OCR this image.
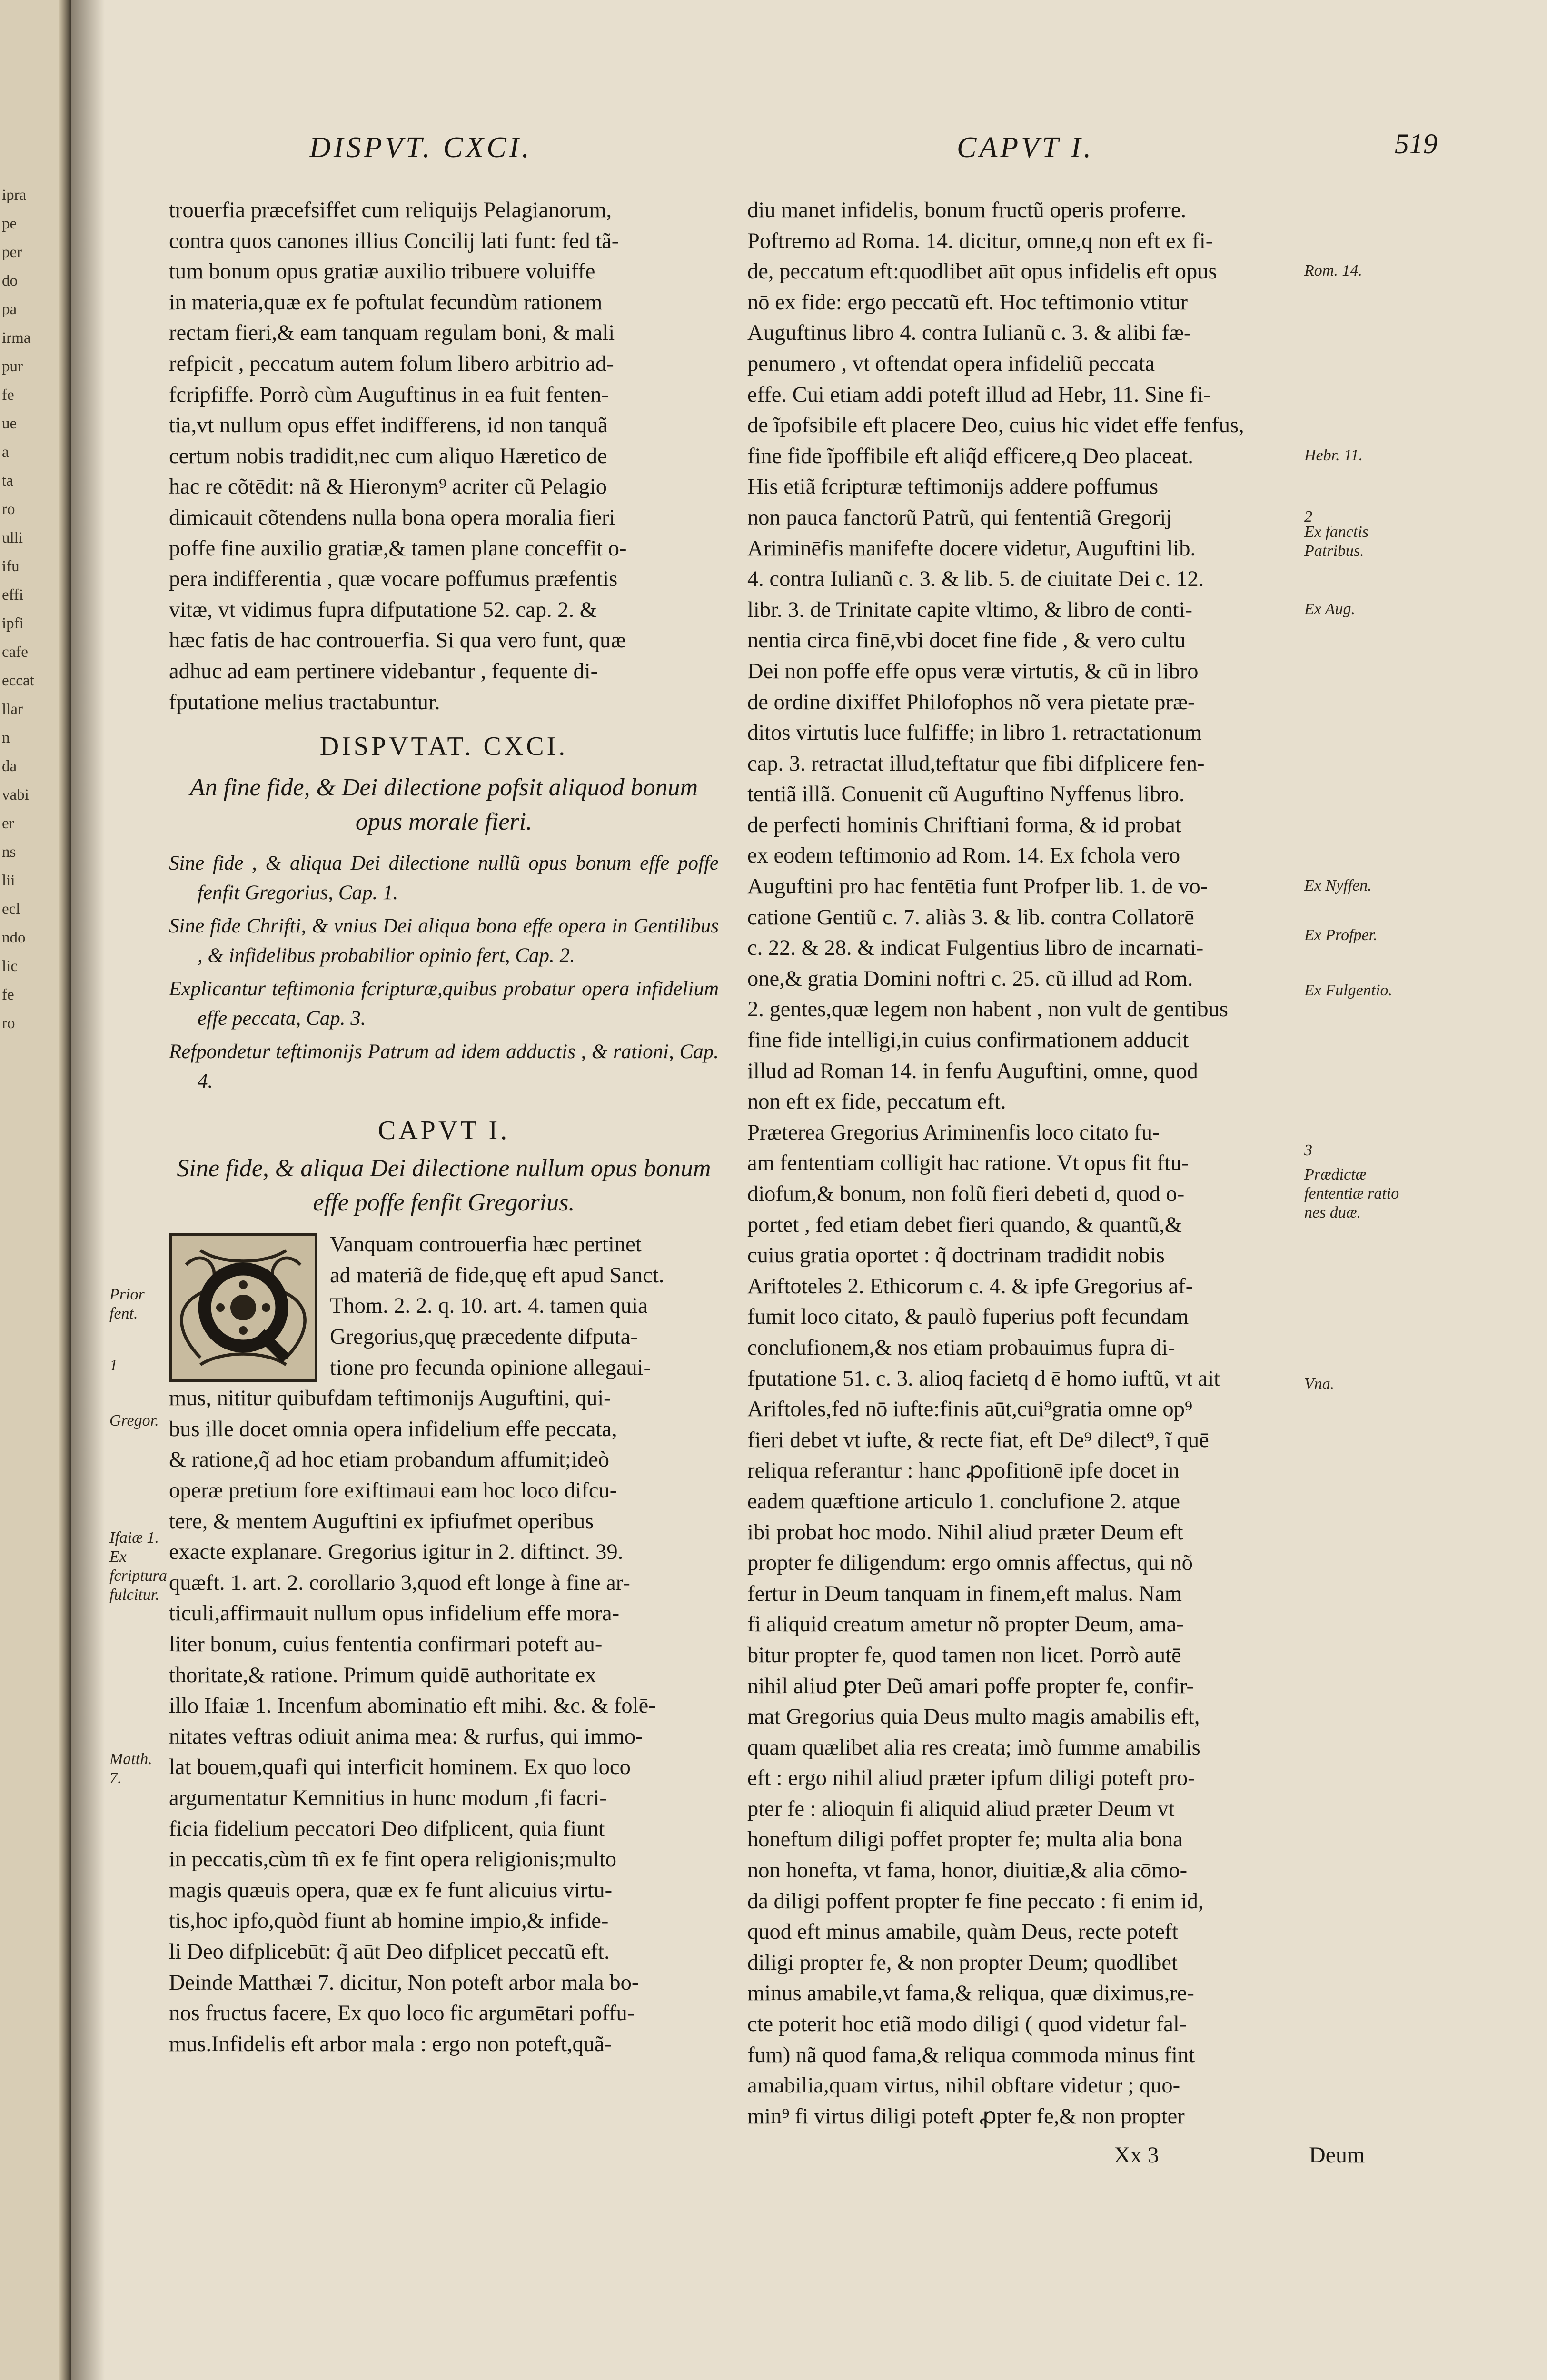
ipra
pe
per
do
pa
irma
pur
fe
ue
a
ta
ro
ulli
ifu
effi
ipfi
cafe
eccat
llar
n
da
vabi
er
ns
lii
ecl
ndo
lic
fe
ro
DISPVT. CXCI.	CAPVT I.	519
trouerfia præcefsiffet cum reliquijs Pelagianorum,
contra quos canones illius Concilij lati funt: fed tã-
tum bonum opus gratiæ auxilio tribuere voluiffe
in materia,quæ ex fe poftulat fecundùm rationem
rectam fieri,& eam tanquam regulam boni, & mali
refpicit , peccatum autem folum libero arbitrio ad-
fcripfiffe. Porrò cùm Auguftinus in ea fuit fenten-
tia,vt nullum opus effet indifferens, id non tanquã
certum nobis tradidit,nec cum aliquo Hæretico de
hac re cõtēdit: nã & Hieronym⁹ acriter cũ Pelagio
dimicauit cõtendens nulla bona opera moralia fieri
poffe fine auxilio gratiæ,& tamen plane conceffit o-
pera indifferentia , quæ vocare poffumus præfentis
vitæ, vt vidimus fupra difputatione 52. cap. 2. &
hæc fatis de hac controuerfia. Si qua vero funt, quæ
adhuc ad eam pertinere videbantur , fequente di-
fputatione melius tractabuntur.
DISPVTAT. CXCI.
An fine fide, & Dei dilectione pofsit aliquod bonum opus morale fieri.
Sine fide , & aliqua Dei dilectione nullũ opus bonum effe poffe fenfit Gregorius, Cap. 1.
Sine fide Chrifti, & vnius Dei aliqua bona effe opera in Gentilibus , & infidelibus probabilior opinio fert, Cap. 2.
Explicantur teftimonia fcripturæ,quibus probatur opera infidelium effe peccata, Cap. 3.
Refpondetur teftimonijs Patrum ad idem adductis , & rationi, Cap. 4.
CAPVT I.
Sine fide, & aliqua Dei dilectione nullum opus bonum effe poffe fenfit Gregorius.
Vanquam controuerfia hæc pertinet
ad materiã de fide,quę eft apud Sanct.
Thom. 2. 2. q. 10. art. 4. tamen quia
Gregorius,quę præcedente difputa-
tione pro fecunda opinione allegaui-
mus, nititur quibufdam teftimonijs Auguftini, qui-
bus ille docet omnia opera infidelium effe peccata,
& ratione,q̃ ad hoc etiam probandum affumit;ideò
operæ pretium fore exiftimaui eam hoc loco difcu-
tere, & mentem Auguftini ex ipfiufmet operibus
exacte explanare. Gregorius igitur in 2. diftinct. 39.
quæft. 1. art. 2. corollario 3,quod eft longe à fine ar-
ticuli,affirmauit nullum opus infidelium effe mora-
liter bonum, cuius fententia confirmari poteft au-
thoritate,& ratione. Primum quidē authoritate ex
illo Ifaiæ 1. Incenfum abominatio eft mihi. &c. & folē-
nitates veftras odiuit anima mea: & rurfus, qui immo-
lat bouem,quafi qui interficit hominem. Ex quo loco
argumentatur Kemnitius in hunc modum ,fi facri-
ficia fidelium peccatori Deo difplicent, quia fiunt
in peccatis,cùm tñ ex fe fint opera religionis;multo
magis quæuis opera, quæ ex fe funt alicuius virtu-
tis,hoc ipfo,quòd fiunt ab homine impio,& infide-
li Deo difplicebūt: q̃ aūt Deo difplicet peccatũ eft.
Deinde Matthæi 7. dicitur, Non poteft arbor mala bo-
nos fructus facere, Ex quo loco fic argumētari poffu-
mus.Infidelis eft arbor mala : ergo non poteft,quã-
diu manet infidelis, bonum fructũ operis proferre.
Poftremo ad Roma. 14. dicitur, omne,q non eft ex fi-
de, peccatum eft:quodlibet aūt opus infidelis eft opus
nō ex fide: ergo peccatũ eft. Hoc teftimonio vtitur
Auguftinus libro 4. contra Iulianũ c. 3. & alibi fæ-
penumero , vt oftendat opera infideliũ peccata
effe. Cui etiam addi poteft illud ad Hebr, 11. Sine fi-
de ĩpofsibile eft placere Deo, cuius hic videt effe fenfus,
fine fide ĩpoffibile eft aliq̃d efficere,q Deo placeat.
His etiã fcripturæ teftimonijs addere poffumus
non pauca fanctorũ Patrũ, qui fententiã Gregorij
Ariminēfis manifefte docere videtur, Auguftini lib.
4. contra Iulianũ c. 3. & lib. 5. de ciuitate Dei c. 12.
libr. 3. de Trinitate capite vltimo, & libro de conti-
nentia circa finē,vbi docet fine fide , & vero cultu
Dei non poffe effe opus veræ virtutis, & cũ in libro
de ordine dixiffet Philofophos nõ vera pietate præ-
ditos virtutis luce fulfiffe; in libro 1. retractationum
cap. 3. retractat illud,teftatur que fibi difplicere fen-
tentiã illã. Conuenit cũ Auguftino Nyffenus libro.
de perfecti hominis Chriftiani forma, & id probat
ex eodem teftimonio ad Rom. 14. Ex fchola vero
Auguftini pro hac fentētia funt Profper lib. 1. de vo-
catione Gentiũ c. 7. aliàs 3. & lib. contra Collatorē
c. 22. & 28. & indicat Fulgentius libro de incarnati-
one,& gratia Domini noftri c. 25. cũ illud ad Rom.
2. gentes,quæ legem non habent , non vult de gentibus
fine fide intelligi,in cuius confirmationem adducit
illud ad Roman 14. in fenfu Auguftini, omne, quod
non eft ex fide, peccatum eft.
Præterea Gregorius Ariminenfis loco citato fu-
am fententiam colligit hac ratione. Vt opus fit ftu-
diofum,& bonum, non folũ fieri debeti d, quod o-
portet , fed etiam debet fieri quando, & quantũ,&
cuius gratia oportet : q̃ doctrinam tradidit nobis
Ariftoteles 2. Ethicorum c. 4. & ipfe Gregorius af-
fumit loco citato, & paulò fuperius poft fecundam
conclufionem,& nos etiam probauimus fupra di-
fputatione 51. c. 3. alioq facietq d ē homo iuftũ, vt ait
Ariftoles,fed nō iufte:finis aūt,cui⁹gratia omne op⁹
fieri debet vt iufte, & recte fiat, eft De⁹ dilect⁹, ĩ quē
reliqua referantur : hanc ꝓpofitionē ipfe docet in
eadem quæftione articulo 1. conclufione 2. atque
ibi probat hoc modo. Nihil aliud præter Deum eft
propter fe diligendum: ergo omnis affectus, qui nõ
fertur in Deum tanquam in finem,eft malus. Nam
fi aliquid creatum ametur nõ propter Deum, ama-
bitur propter fe, quod tamen non licet. Porrò autē
nihil aliud ꝑter Deũ amari poffe propter fe, confir-
mat Gregorius quia Deus multo magis amabilis eft,
quam quælibet alia res creata; imò fumme amabilis
eft : ergo nihil aliud præter ipfum diligi poteft pro-
pter fe : alioquin fi aliquid aliud præter Deum vt
honeftum diligi poffet propter fe; multa alia bona
non honefta, vt fama, honor, diuitiæ,& alia cōmo-
da diligi poffent propter fe fine peccato : fi enim id,
quod eft minus amabile, quàm Deus, recte poteft
diligi propter fe, & non propter Deum; quodlibet
minus amabile,vt fama,& reliqua, quæ diximus,re-
cte poterit hoc etiã modo diligi ( quod videtur fal-
fum) nã quod fama,& reliqua commoda minus fint
amabilia,quam virtus, nihil obftare videtur ; quo-
min⁹ fi virtus diligi poteft ꝓpter fe,& non propter
Rom. 14.
Hebr. 11.
2
Ex fanctis Patribus.
Ex Aug.
Ex Nyffen.
Ex Profper.
Ex Fulgentio.
3
Prædictæ fententiæ ratio nes duæ.
Vna.
Prior fent.
1
Gregor.
Ifaiæ 1. Ex fcriptura fulcitur.
Matth. 7.
Xx 3	Deum
